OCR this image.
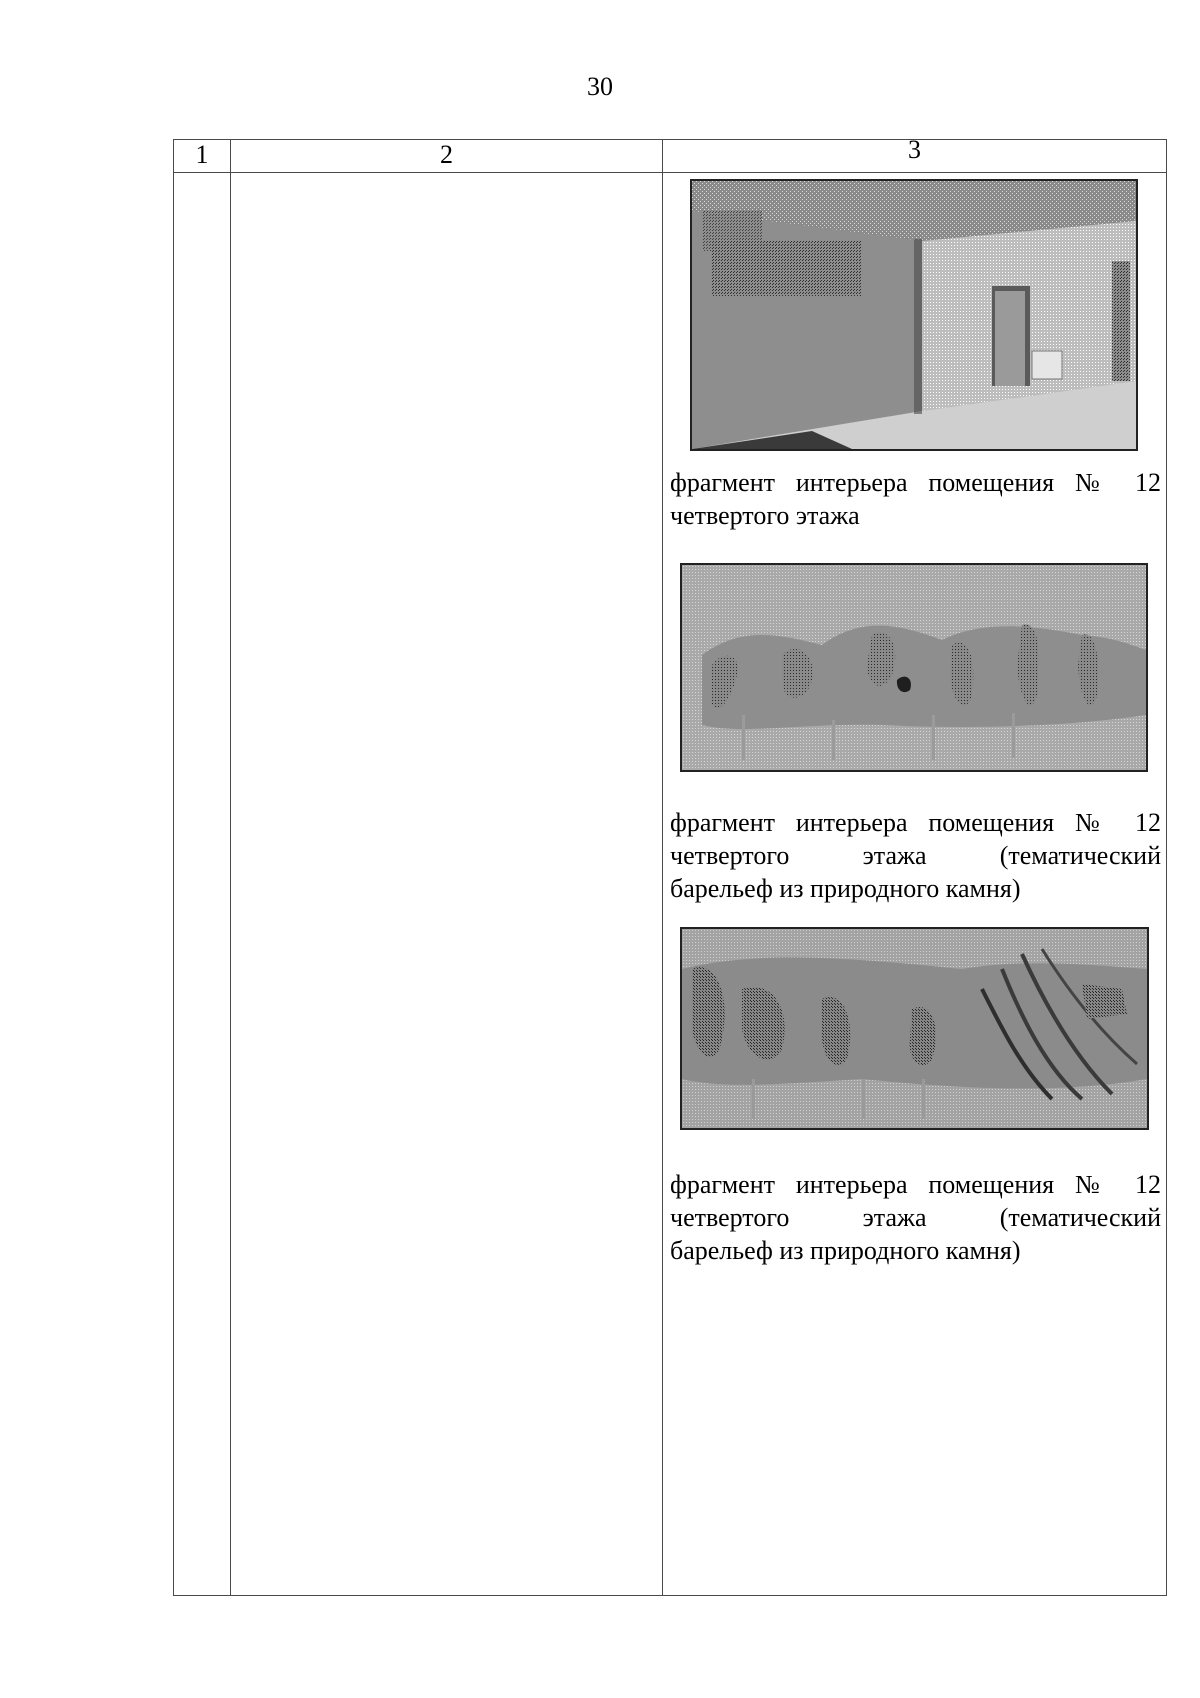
30
1	2	3
фрагмент интерьера помещения № 12
четвертого этажа
фрагмент интерьера помещения № 12
четвертого этажа (тематический
барельеф из природного камня)
фрагмент интерьера помещения № 12
четвертого этажа (тематический
барельеф из природного камня)
